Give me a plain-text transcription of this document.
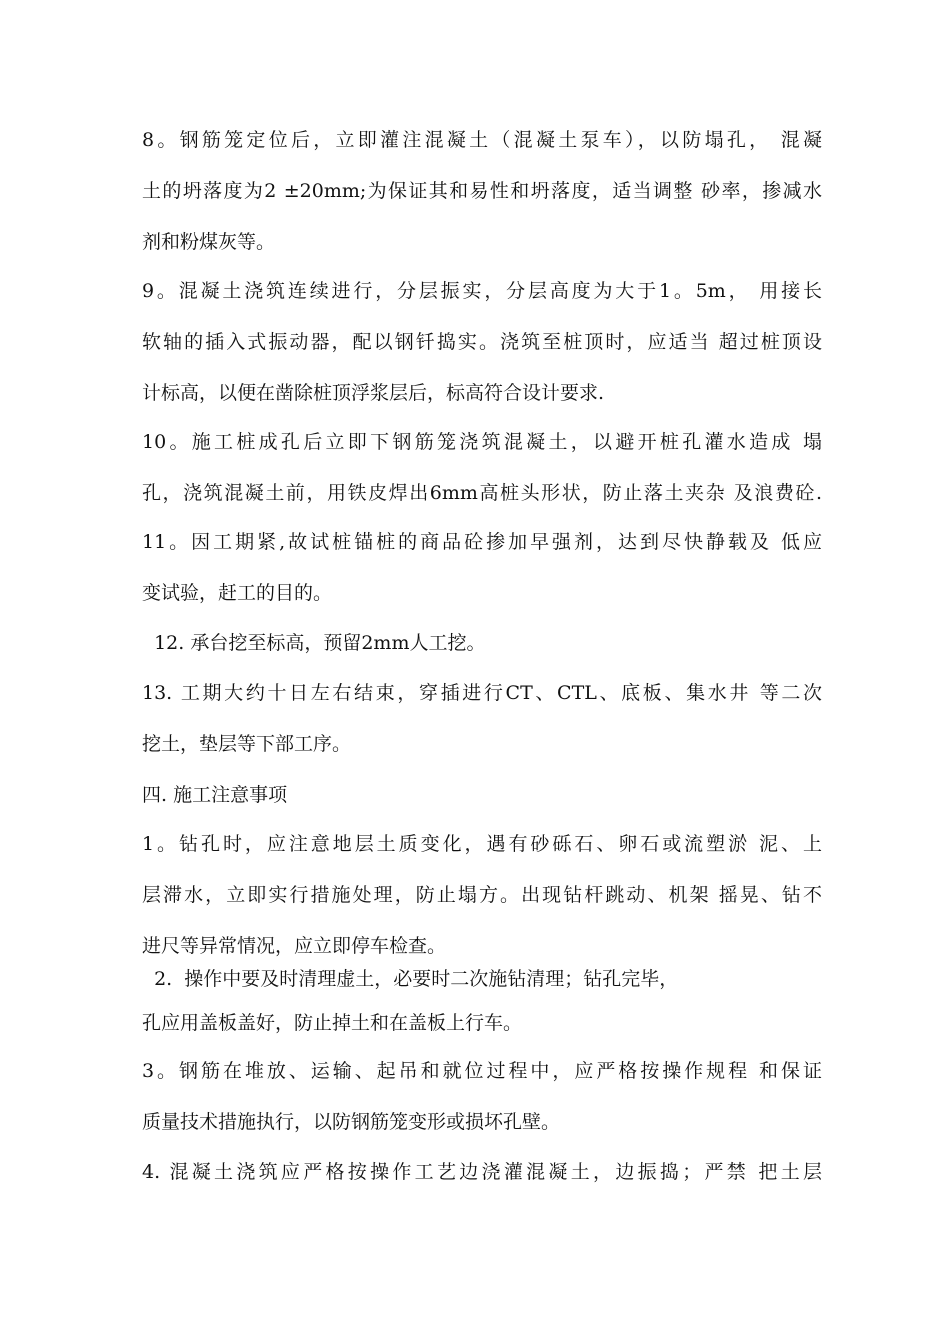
8。钢筋笼定位后，立即灌注混凝土（混凝土泵车），以防塌孔， 混凝
土的坍落度为2 ±20mm;为保证其和易性和坍落度，适当调整 砂率，掺减水
剂和粉煤灰等。
9。混凝土浇筑连续进行，分层振实，分层高度为大于1。5m， 用接长
软轴的插入式振动器，配以钢钎捣实。浇筑至桩顶时，应适当 超过桩顶设
计标高，以便在凿除桩顶浮浆层后，标高符合设计要求.
10。施工桩成孔后立即下钢筋笼浇筑混凝土，以避开桩孔灌水造成 塌
孔，浇筑混凝土前，用铁皮焊出6mm高桩头形状，防止落土夹杂 及浪费砼.
11。因工期紧,故试桩锚桩的商品砼掺加早强剂，达到尽快静载及 低应
变试验，赶工的目的。
12. 承台挖至标高，预留2mm人工挖。
13. 工期大约十日左右结束，穿插进行CT、CTL、底板、集水井 等二次
挖土，垫层等下部工序。
四. 施工注意事项
1。钻孔时，应注意地层土质变化，遇有砂砾石、卵石或流塑淤 泥、上
层滞水，立即实行措施处理，防止塌方。出现钻杆跳动、机架 摇晃、钻不
进尺等异常情况，应立即停车检查。
2.  操作中要及时清理虚土，必要时二次施钻清理；钻孔完毕，
孔应用盖板盖好，防止掉土和在盖板上行车。
3。钢筋在堆放、运输、起吊和就位过程中，应严格按操作规程 和保证
质量技术措施执行，以防钢筋笼变形或损坏孔壁。
4. 混凝土浇筑应严格按操作工艺边浇灌混凝土，边振捣；严禁 把土层
